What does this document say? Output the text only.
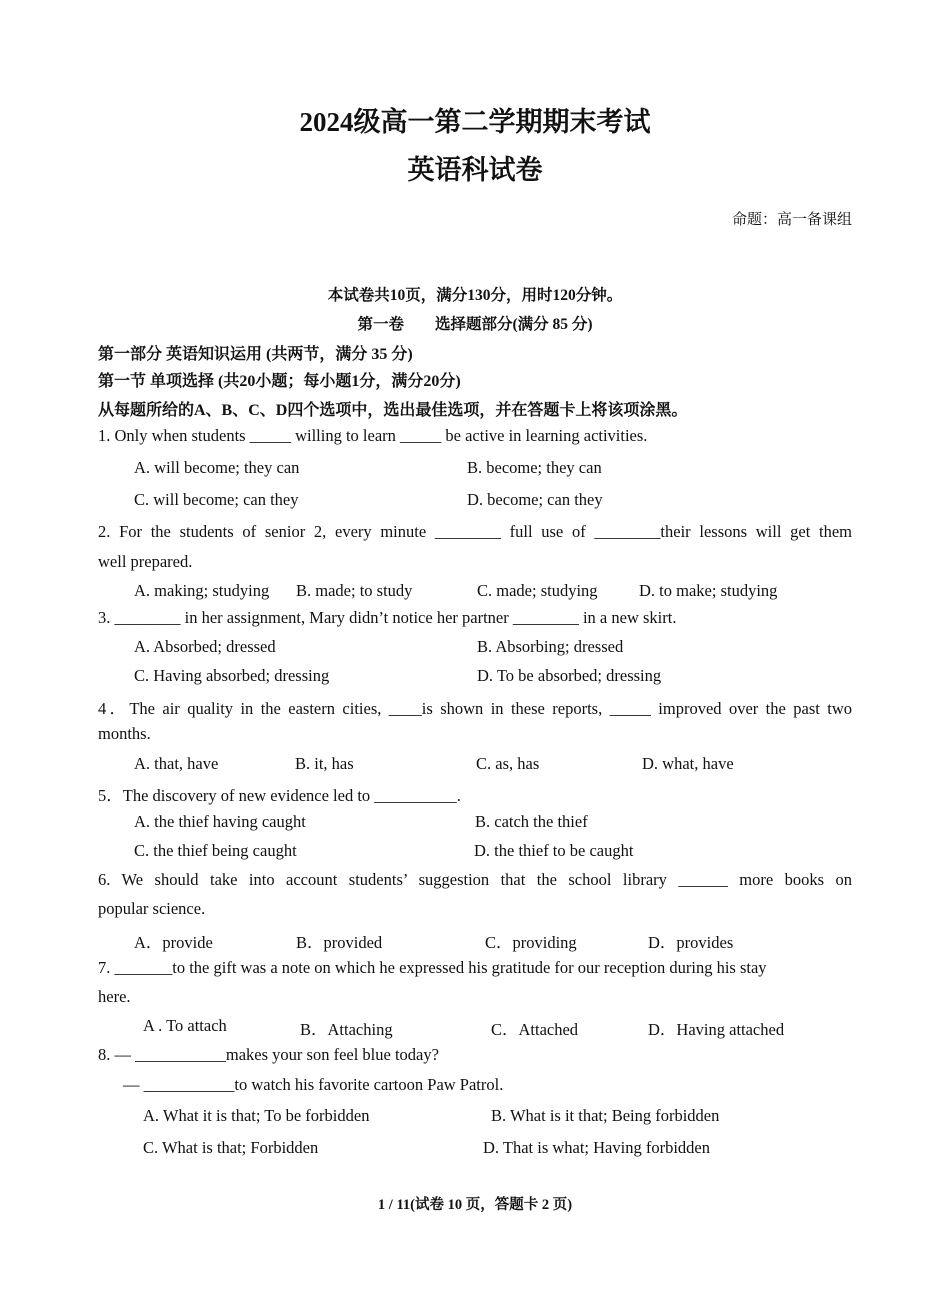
2024级高一第二学期期末考试
英语科试卷
命题：高一备课组
本试卷共10页，满分130分，用时120分钟。
第一卷　　选择题部分(满分 85 分)
第一部分 英语知识运用 (共两节，满分 35 分)
第一节 单项选择 (共20小题；每小题1分，满分20分)
从每题所给的A、B、C、D四个选项中，选出最佳选项，并在答题卡上将该项涂黑。
1. Only when students _____ willing to learn _____ be active in learning activities.
A. will become; they can	B. become; they can
C. will become; can they	D. become; can they
2. For the students of senior 2, every minute ________ full use of ________their lessons will get them
well prepared.
A. making; studying B. made; to study	C. made; studying	D. to make; studying
3. ________ in her assignment, Mary didn’t notice her partner ________ in a new skirt.
A. Absorbed; dressed	B. Absorbing; dressed
C. Having absorbed; dressing	D. To be absorbed; dressing
4．The air quality in the eastern cities, ____is shown in these reports, _____ improved over the past two
months.
A. that, have	B. it, has	C. as, has	D. what, have
5．The discovery of new evidence led to __________.
A. the thief having caught	B. catch the thief
C. the thief being caught	D. the thief to be caught
6. We should take into account students’ suggestion that the school library ______ more books on
popular science.
A．provide	B．provided	C．providing	D．provides
7. _______to the gift was a note on which he expressed his gratitude for our reception during his stay
here.
A . To attach	B．Attaching	C．Attached	D．Having attached
8. — ___________makes your son feel blue today?
— ___________to watch his favorite cartoon Paw Patrol.
A. What it is that; To be forbidden	B. What is it that; Being forbidden
C. What is that; Forbidden	D. That is what; Having forbidden
1 / 11(试卷 10 页，答题卡 2 页)
